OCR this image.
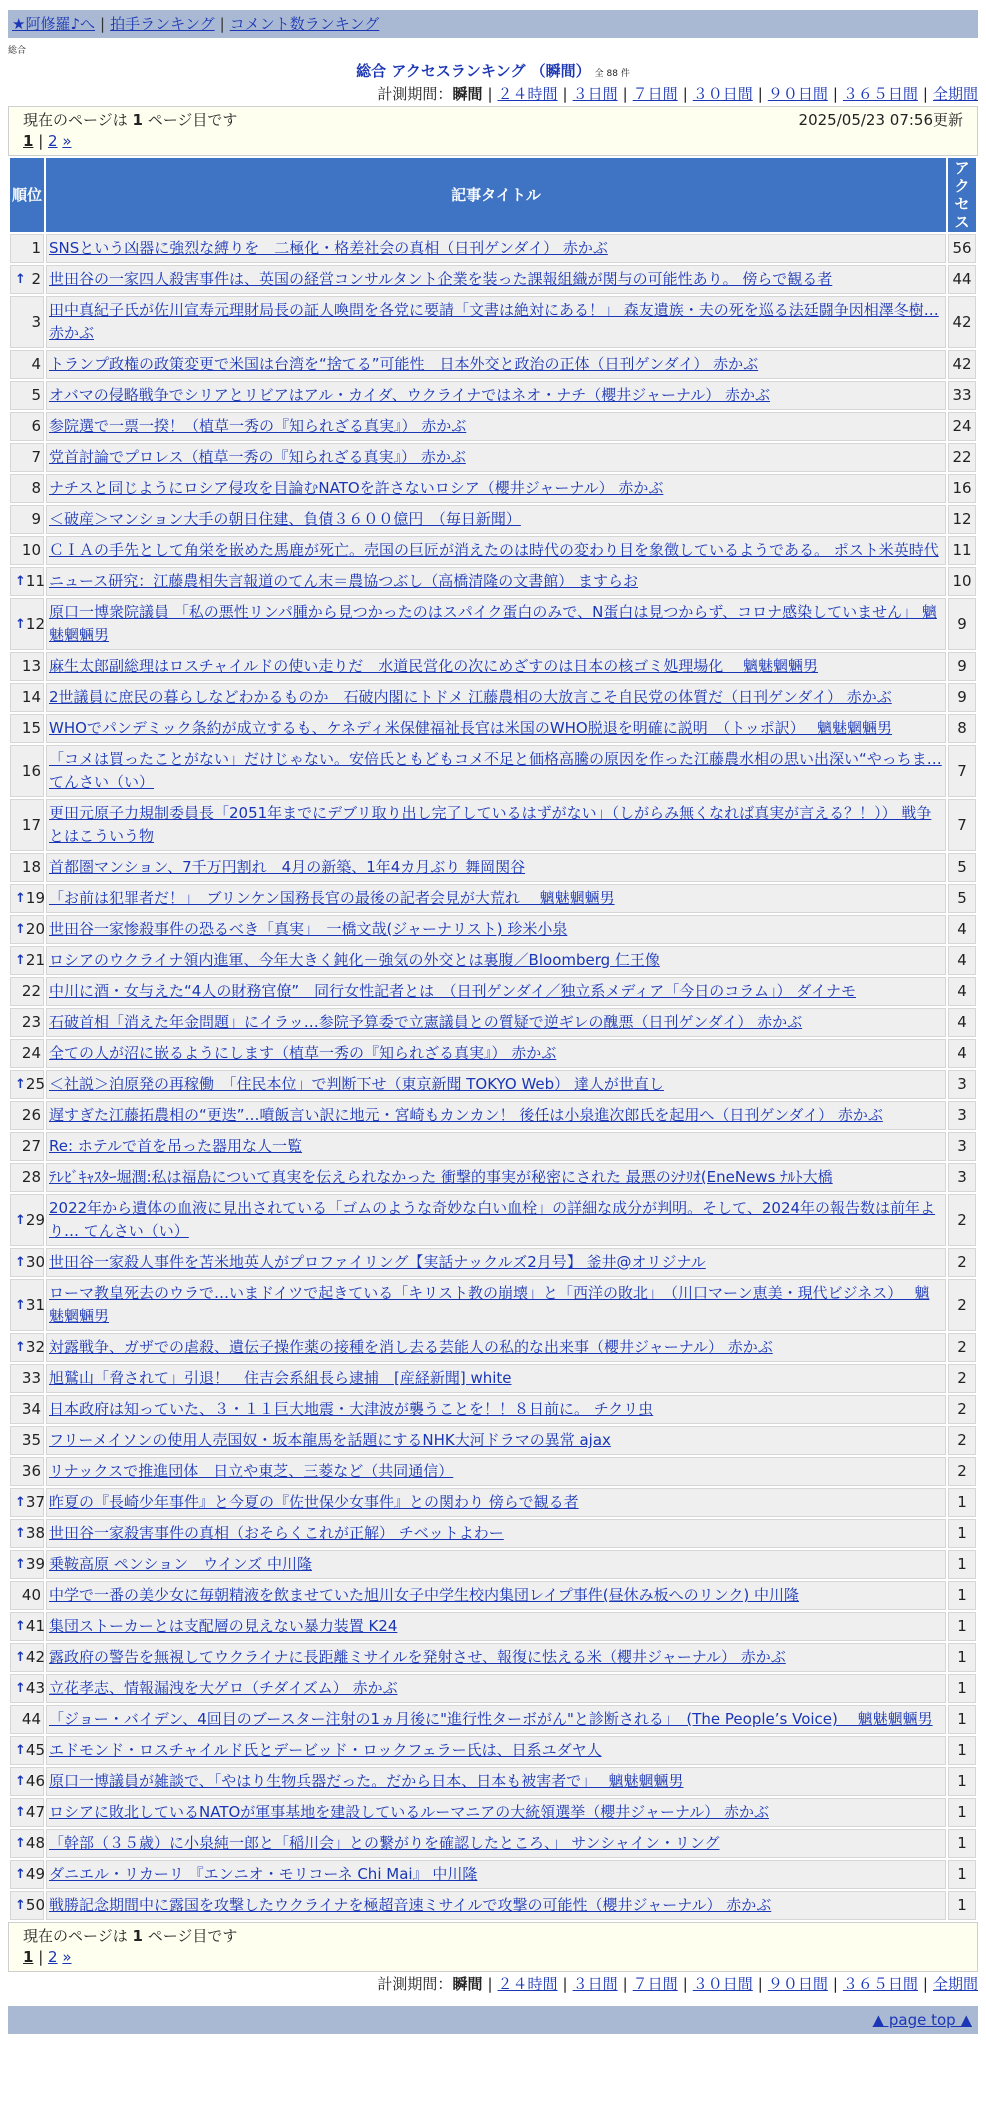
★阿修羅♪へ | 拍手ランキング | コメント数ランキング
総合
総合 アクセスランキング （瞬間） 全 88 件
計測期間：瞬間 | ２４時間 | ３日間 | ７日間 | ３０日間 | ９０日間 | ３６５日間 | 全期間
2025/05/23 07:56更新
現在のページは 1 ページ目です
1 | 2 »
順位	記事タイトル	アクセス
1	SNSという凶器に強烈な縛りを　二極化・格差社会の真相（日刊ゲンダイ） 赤かぶ	56

↑ 2	世田谷の一家四人殺害事件は、英国の経営コンサルタント企業を装った課報組織が関与の可能性あり。 傍らで観る者	44
3	田中真紀子氏が佐川宣寿元理財局長の証人喚問を各党に要請「文書は絶対にある！」 森友遺族・夫の死を巡る法廷闘争因相澤冬樹… 赤かぶ	42
4	トランプ政権の政策変更で米国は台湾を“捨てる”可能性　日本外交と政治の正体（日刊ゲンダイ） 赤かぶ	42
5	オバマの侵略戦争でシリアとリビアはアル・カイダ、ウクライナではネオ・ナチ（櫻井ジャーナル） 赤かぶ	33
6	参院選で一票一揆！（植草一秀の『知られざる真実』） 赤かぶ	24
7	党首討論でプロレス（植草一秀の『知られざる真実』） 赤かぶ	22
8	ナチスと同じようにロシア侵攻を目論むNATOを許さないロシア（櫻井ジャーナル） 赤かぶ	16
9	＜破産＞マンション大手の朝日住建、負債３６００億円　（毎日新聞）	12
10	ＣＩＡの手先として角栄を嵌めた馬鹿が死亡。売国の巨匠が消えたのは時代の変わり目を象徴しているようである。 ポスト米英時代	11

↑ 11	ニュース研究：江藤農相失言報道のてん末＝農協つぶし（高橋清隆の文書館） ますらお	10

↑ 12	原口一博衆院議員 「私の悪性リンパ腫から見つかったのはスパイク蛋白のみで、N蛋白は見つからず、コロナ感染していません」 魑魅魍魎男	9
13	麻生太郎副総理はロスチャイルドの使い走りだ　水道民営化の次にめざすのは日本の核ゴミ処理場化　 魑魅魍魎男	9
14	2世議員に庶民の暮らしなどわかるものか　石破内閣にトドメ 江藤農相の大放言こそ自民党の体質だ（日刊ゲンダイ） 赤かぶ	9
15	WHOでパンデミック条約が成立するも、ケネディ米保健福祉長官は米国のWHO脱退を明確に説明　（トッポ訳）　 魑魅魍魎男	8
16	「コメは買ったことがない」だけじゃない。安倍氏ともどもコメ不足と価格高騰の原因を作った江藤農水相の思い出深い“やっちま… てんさい（い）	7
17	更田元原子力規制委員長「2051年までにデブリ取り出し完了しているはずがない」（しがらみ無くなれば真実が言える？！）） 戦争とはこういう物	7
18	首都圏マンション、7千万円割れ　4月の新築、1年4カ月ぶり 舞岡関谷	5

↑ 19	「お前は犯罪者だ！」　ブリンケン国務長官の最後の記者会見が大荒れ　 魑魅魍魎男	5

↑ 20	世田谷一家惨殺事件の恐るべき「真実」　一橋文哉(ジャーナリスト) 珍米小泉	4

↑ 21	ロシアのウクライナ領内進軍、今年大きく鈍化－強気の外交とは裏腹／Bloomberg 仁王像	4
22	中川に酒・女与えた“4人の財務官僚”　同行女性記者とは　（日刊ゲンダイ／独立系メディア「今日のコラム」） ダイナモ	4
23	石破首相「消えた年金問題」にイラッ…参院予算委で立憲議員との質疑で逆ギレの醜悪（日刊ゲンダイ） 赤かぶ	4
24	全ての人が沼に嵌るようにします（植草一秀の『知られざる真実』） 赤かぶ	4

↑ 25	＜社説＞泊原発の再稼働　「住民本位」で判断下せ（東京新聞 TOKYO Web） 達人が世直し	3
26	遅すぎた江藤拓農相の“更迭”…噴飯言い訳に地元・宮崎もカンカン！ 後任は小泉進次郎氏を起用へ（日刊ゲンダイ） 赤かぶ	3
27	Re: ホテルで首を吊った器用な人一覧	3
28	ﾃﾚﾋﾞｷｬｽﾀｰ堀潤:私は福島について真実を伝えられなかった 衝撃的事実が秘密にされた 最悪のｼﾅﾘｵ(EneNews ﾅﾙﾄ大橋	3

↑ 29	2022年から遺体の血液に見出されている「ゴムのような奇妙な白い血栓」の詳細な成分が判明。そして、2024年の報告数は前年より… てんさい（い）	2

↑ 30	世田谷一家殺人事件を苫米地英人がプロファイリング【実話ナックルズ2月号】 釜井@オリジナル	2

↑ 31	ローマ教皇死去のウラで…いまドイツで起きている「キリスト教の崩壊」と「西洋の敗北」　（川口マーン恵美・現代ビジネス）　 魑魅魍魎男	2

↑ 32	対露戦争、ガザでの虐殺、遺伝子操作薬の接種を消し去る芸能人の私的な出来事（櫻井ジャーナル） 赤かぶ	2
33	旭鷲山「脅されて」引退！　住吉会系組長ら逮捕　[産経新聞] white	2
34	日本政府は知っていた、３・１１巨大地震・大津波が襲うことを！！８日前に。 チクリ虫	2
35	フリーメイソンの使用人売国奴・坂本龍馬を話題にするNHK大河ドラマの異常 ajax	2
36	リナックスで推進団体　日立や東芝、三菱など（共同通信）	2

↑ 37	昨夏の『長崎少年事件』と今夏の『佐世保少女事件』との関わり 傍らで観る者	1

↑ 38	世田谷一家殺害事件の真相（おそらくこれが正解） チベットよわー	1

↑ 39	乗鞍高原 ペンション　ウインズ 中川隆	1
40	中学で一番の美少女に毎朝精液を飲ませていた旭川女子中学生校内集団レイプ事件(昼休み板へのリンク) 中川隆	1

↑ 41	集団ストーカーとは支配層の見えない暴力装置 K24	1

↑ 42	露政府の警告を無視してウクライナに長距離ミサイルを発射させ、報復に怯える米（櫻井ジャーナル） 赤かぶ	1

↑ 43	立花孝志、情報漏洩を大ゲロ（チダイズム） 赤かぶ	1
44	「ジョー・バイデン、4回目のブースター注射の1ヵ月後に"進行性ターボがん"と診断される」　(The People’s Voice)　 魑魅魍魎男	1

↑ 45	エドモンド・ロスチャイルド氏とデービッド・ロックフェラー氏は、日系ユダヤ人	1

↑ 46	原口一博議員が雑談で、「やはり生物兵器だった。だから日本、日本も被害者で」　 魑魅魍魎男	1

↑ 47	ロシアに敗北しているNATOが軍事基地を建設しているルーマニアの大統領選挙（櫻井ジャーナル） 赤かぶ	1

↑ 48	「幹部（３５歳）に小泉純一郎と「稲川会」との繋がりを確認したところ、」 サンシャイン・リング	1

↑ 49	ダニエル・リカーリ 『エンニオ・モリコーネ Chi Mai』 中川隆	1

↑ 50	戦勝記念期間中に露国を攻撃したウクライナを極超音速ミサイルで攻撃の可能性（櫻井ジャーナル） 赤かぶ	1
現在のページは 1 ページ目です
1 | 2 »
計測期間：瞬間 | ２４時間 | ３日間 | ７日間 | ３０日間 | ９０日間 | ３６５日間 | 全期間
▲ page top ▲
